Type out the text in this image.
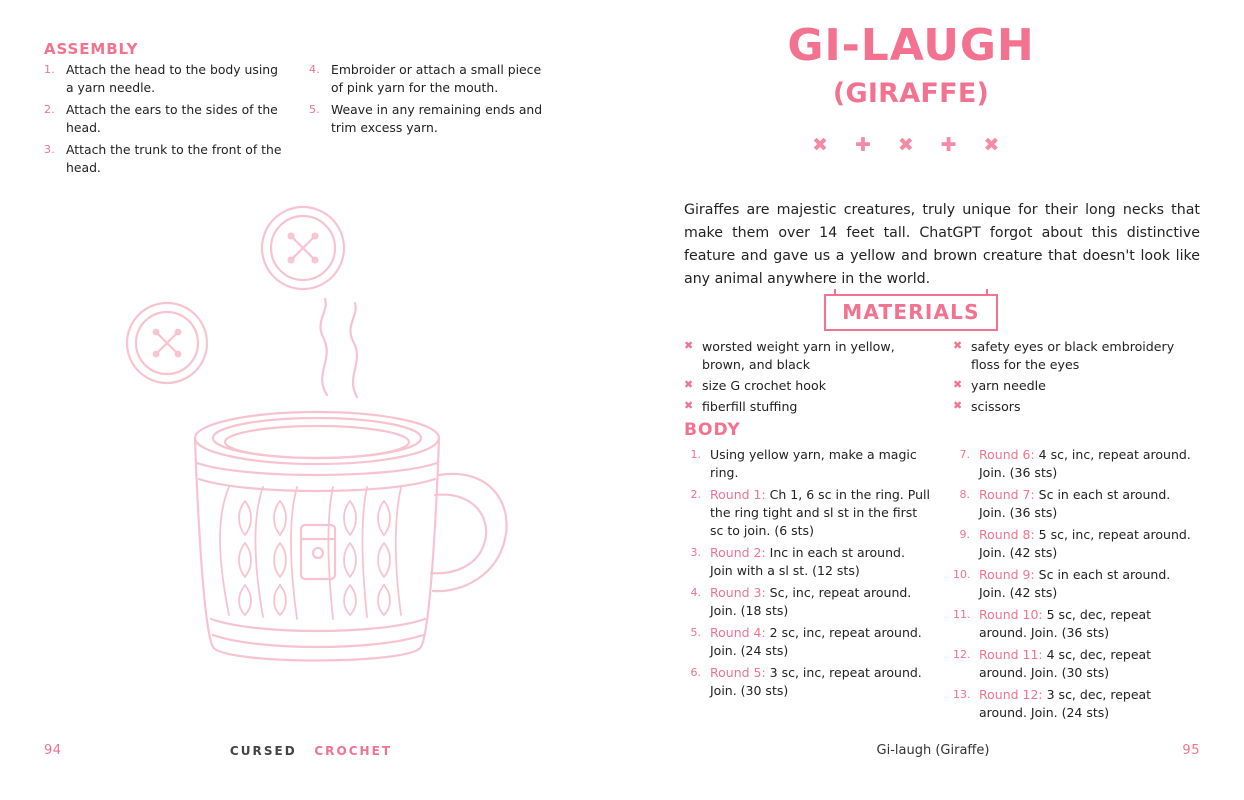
ASSEMBLY
1. Attach the head to the body using a yarn needle.
2. Attach the ears to the sides of the head.
3. Attach the trunk to the front of the head.
4. Embroider or attach a small piece of pink yarn for the mouth.
5. Weave in any remaining ends and trim excess yarn.
94	CURSED CROCHET
GI-LAUGH
(GIRAFFE)
✖ ✚ ✖ ✚ ✖

Giraffes are majestic creatures, truly unique for their long necks that make them over 14 feet tall. ChatGPT forgot about this distinctive feature and gave us a yellow and brown creature that doesn't look like any animal anywhere in the world.

MATERIALS
✖ worsted weight yarn in yellow, brown, and black
✖ size G crochet hook
✖ fiberfill stuffing
✖ safety eyes or black embroidery floss for the eyes
✖ yarn needle
✖ scissors
BODY
1. Using yellow yarn, make a magic ring.
2. Round 1: Ch 1, 6 sc in the ring. Pull the ring tight and sl st in the first sc to join. (6 sts)
3. Round 2: Inc in each st around. Join with a sl st. (12 sts)
4. Round 3: Sc, inc, repeat around. Join. (18 sts)
5. Round 4: 2 sc, inc, repeat around. Join. (24 sts)
6. Round 5: 3 sc, inc, repeat around. Join. (30 sts)
7. Round 6: 4 sc, inc, repeat around. Join. (36 sts)
8. Round 7: Sc in each st around. Join. (36 sts)
9. Round 8: 5 sc, inc, repeat around. Join. (42 sts)
10. Round 9: Sc in each st around. Join. (42 sts)
11. Round 10: 5 sc, dec, repeat around. Join. (36 sts)
12. Round 11: 4 sc, dec, repeat around. Join. (30 sts)
13. Round 12: 3 sc, dec, repeat around. Join. (24 sts)
Gi-laugh (Giraffe)	95
